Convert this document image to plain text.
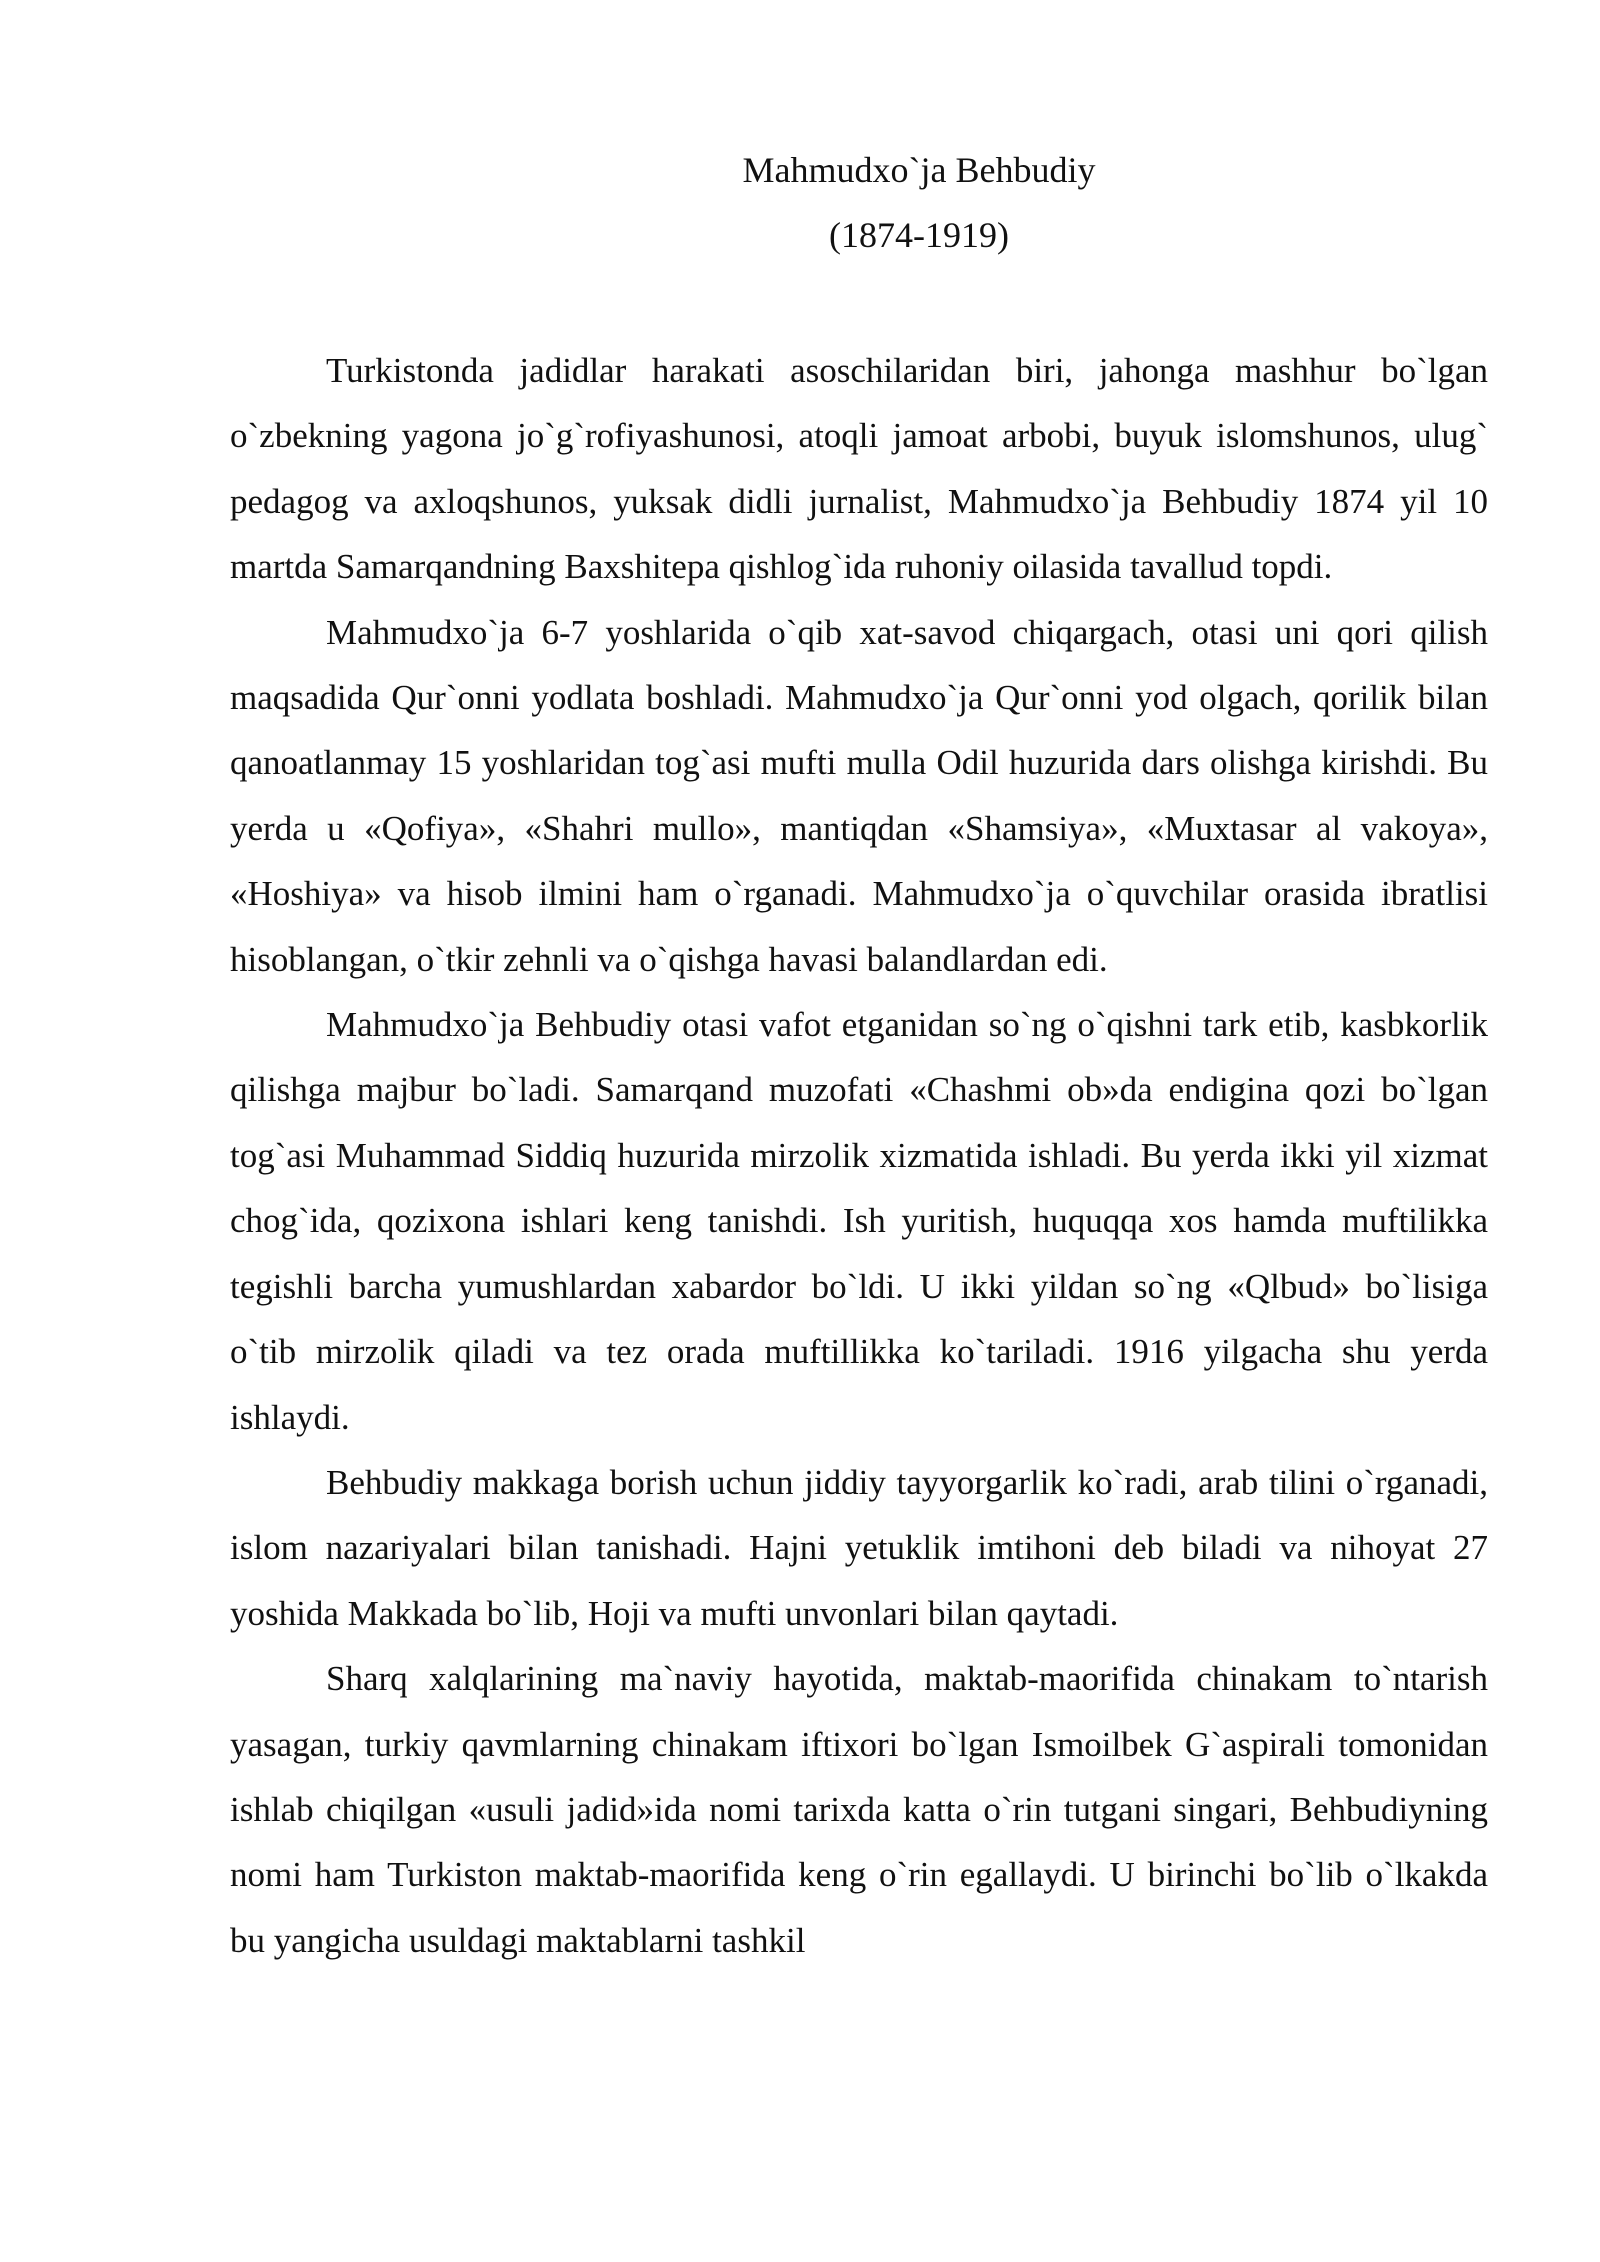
Mahmudxo`ja Behbudiy
(1874-1919)

Turkistonda jadidlar harakati asoschilaridan biri, jahonga mashhur bo`lgan o`zbekning yagona jo`g`rofiyashunosi, atoqli jamoat arbobi, buyuk islomshunos, ulug` pedagog va axloqshunos, yuksak didli jurnalist, Mahmudxo`ja Behbudiy 1874 yil 10 martda Samarqandning Baxshitepa qishlog`ida ruhoniy oilasida tavallud topdi.

Mahmudxo`ja 6-7 yoshlarida o`qib xat-savod chiqargach, otasi uni qori qilish maqsadida Qur`onni yodlata boshladi. Mahmudxo`ja Qur`onni yod olgach, qorilik bilan qanoatlanmay 15 yoshlaridan tog`asi mufti mulla Odil huzurida dars olishga kirishdi. Bu yerda u «Qofiya», «Shahri mullo», mantiqdan «Shamsiya», «Muxtasar al vakoya», «Hoshiya» va hisob ilmini ham o`rganadi. Mahmudxo`ja o`quvchilar orasida ibratlisi hisoblangan, o`tkir zehnli va o`qishga havasi balandlardan edi.

Mahmudxo`ja Behbudiy otasi vafot etganidan so`ng o`qishni tark etib, kasbkorlik qilishga majbur bo`ladi. Samarqand muzofati «Chashmi ob»da endigina qozi bo`lgan tog`asi Muhammad Siddiq huzurida mirzolik xizmatida ishladi. Bu yerda ikki yil xizmat chog`ida, qozixona ishlari keng tanishdi. Ish yuritish, huquqqa xos hamda muftilikka tegishli barcha yumushlardan xabardor bo`ldi. U ikki yildan so`ng «Qlbud» bo`lisiga o`tib mirzolik qiladi va tez orada muftillikka ko`tariladi. 1916 yilgacha shu yerda ishlaydi.

Behbudiy makkaga borish uchun jiddiy tayyorgarlik ko`radi, arab tilini o`rganadi, islom nazariyalari bilan tanishadi. Hajni yetuklik imtihoni deb biladi va nihoyat 27 yoshida Makkada bo`lib, Hoji va mufti unvonlari bilan qaytadi.

Sharq xalqlarining ma`naviy hayotida, maktab-maorifida chinakam to`ntarish yasagan, turkiy qavmlarning chinakam iftixori bo`lgan Ismoilbek G`aspirali tomonidan ishlab chiqilgan «usuli jadid»ida nomi tarixda katta o`rin tutgani singari, Behbudiyning nomi ham Turkiston maktab-maorifida keng o`rin egallaydi. U birinchi bo`lib o`lkakda bu yangicha usuldagi maktablarni tashkil
